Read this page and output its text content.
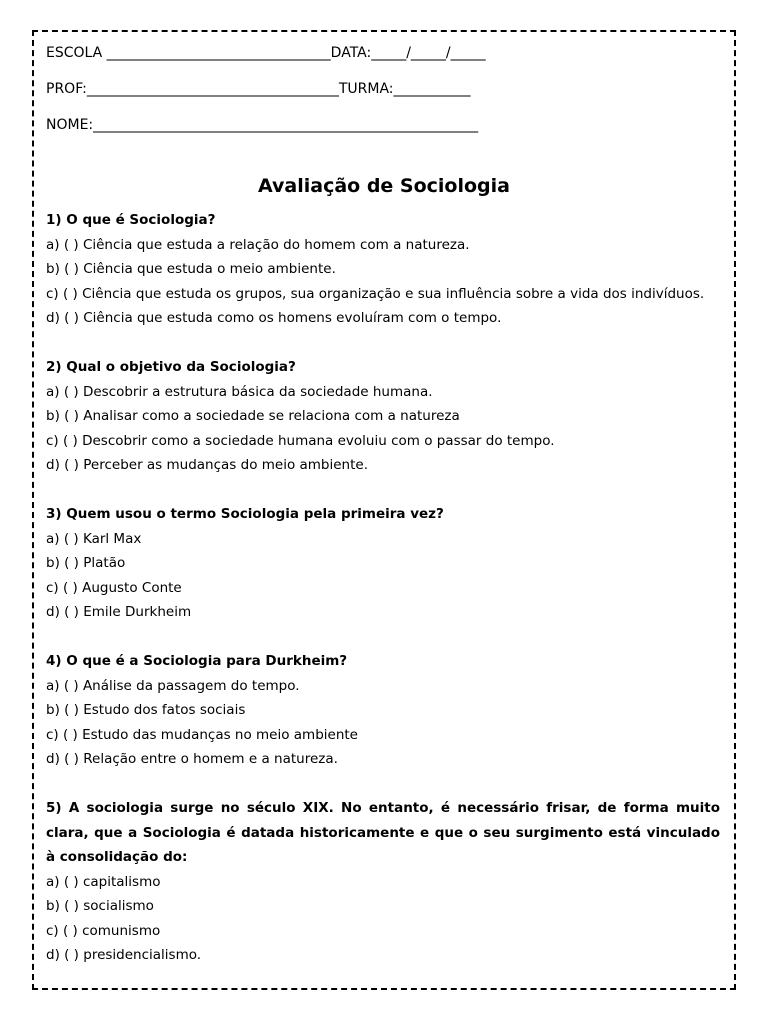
ESCOLA ________________________________DATA:_____/_____/_____
PROF:____________________________________TURMA:___________
NOME:_______________________________________________________
Avaliação de Sociologia
1) O que é Sociologia?
a) ( ) Ciência que estuda a relação do homem com a natureza.
b) ( ) Ciência que estuda o meio ambiente.
c) ( ) Ciência que estuda os grupos, sua organização e sua influência sobre a vida dos indivíduos.
d) ( ) Ciência que estuda como os homens evoluíram com o tempo.
2) Qual o objetivo da Sociologia?
a) ( ) Descobrir a estrutura básica da sociedade humana.
b) ( ) Analisar como a sociedade se relaciona com a natureza
c) ( ) Descobrir como a sociedade humana evoluiu com o passar do tempo.
d) ( ) Perceber as mudanças do meio ambiente.
3) Quem usou o termo Sociologia pela primeira vez?
a) ( ) Karl Max
b) ( ) Platão
c) ( ) Augusto Conte
d) ( ) Emile Durkheim
4) O que é a Sociologia para Durkheim?
a) ( ) Análise da passagem do tempo.
b) ( ) Estudo dos fatos sociais
c) ( ) Estudo das mudanças no meio ambiente
d) ( ) Relação entre o homem e a natureza.
5) A sociologia surge no século XIX. No entanto, é necessário frisar, de forma muito clara, que a Sociologia é datada historicamente e que o seu surgimento está vinculado à consolidação do:
a) ( ) capitalismo
b) ( ) socialismo
c) ( ) comunismo
d) ( ) presidencialismo.
